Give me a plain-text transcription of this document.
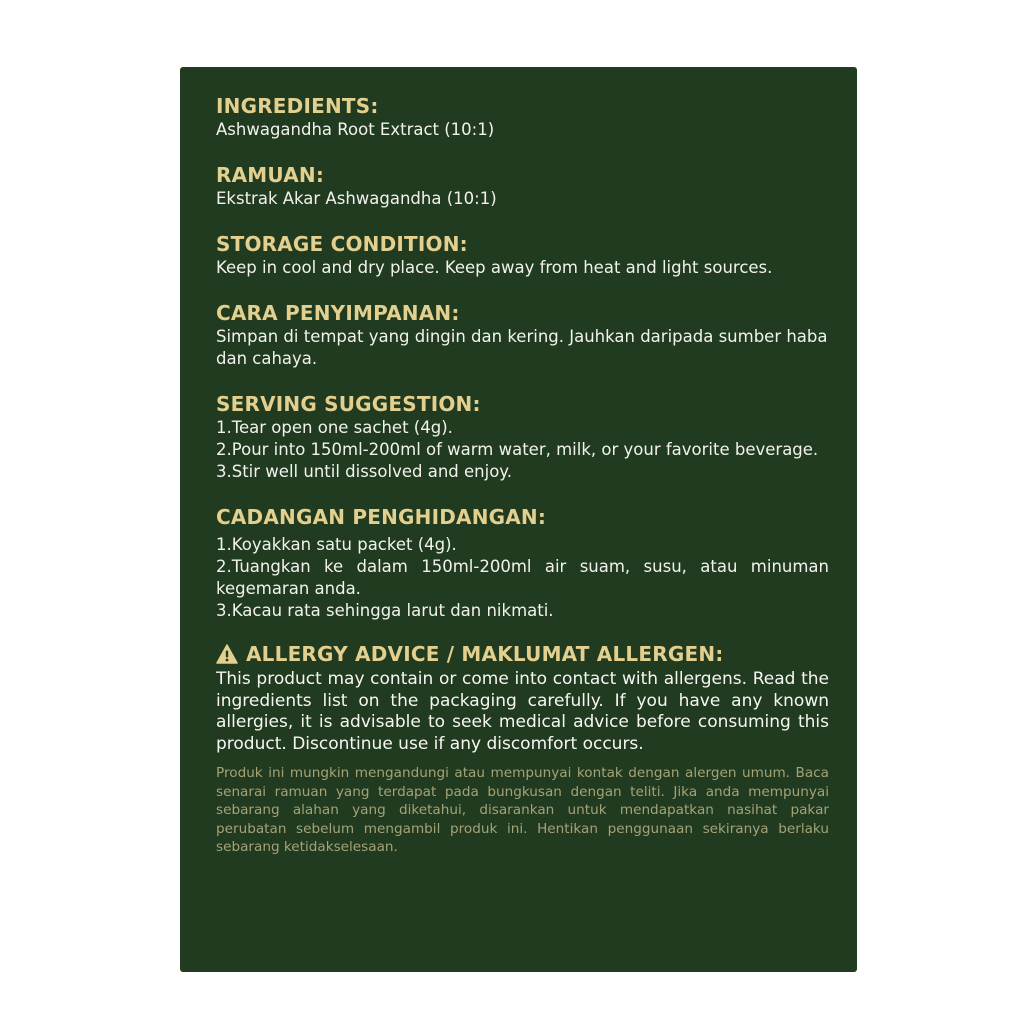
INGREDIENTS:

Ashwagandha Root Extract (10:1)

RAMUAN:

Ekstrak Akar Ashwagandha (10:1)

STORAGE CONDITION:

Keep in cool and dry place. Keep away from heat and light sources.

CARA PENYIMPANAN:

Simpan di tempat yang dingin dan kering. Jauhkan daripada sumber haba dan cahaya.

SERVING SUGGESTION:

1.Tear open one sachet (4g).

2.Pour into 150ml-200ml of warm water, milk, or your favorite beverage.

3.Stir well until dissolved and enjoy.

CADANGAN PENGHIDANGAN:

1.Koyakkan satu packet (4g).

2.Tuangkan ke dalam 150ml-200ml air suam, susu, atau minuman kegemaran anda.

3.Kacau rata sehingga larut dan nikmati.

ALLERGY ADVICE / MAKLUMAT ALLERGEN:

This product may contain or come into contact with allergens. Read the ingredients list on the packaging carefully. If you have any known allergies, it is advisable to seek medical advice before consuming this product. Discontinue use if any discomfort occurs.

Produk ini mungkin mengandungi atau mempunyai kontak dengan alergen umum. Baca senarai ramuan yang terdapat pada bungkusan dengan teliti. Jika anda mempunyai sebarang alahan yang diketahui, disarankan untuk mendapatkan nasihat pakar perubatan sebelum mengambil produk ini. Hentikan penggunaan sekiranya berlaku sebarang ketidakselesaan.
